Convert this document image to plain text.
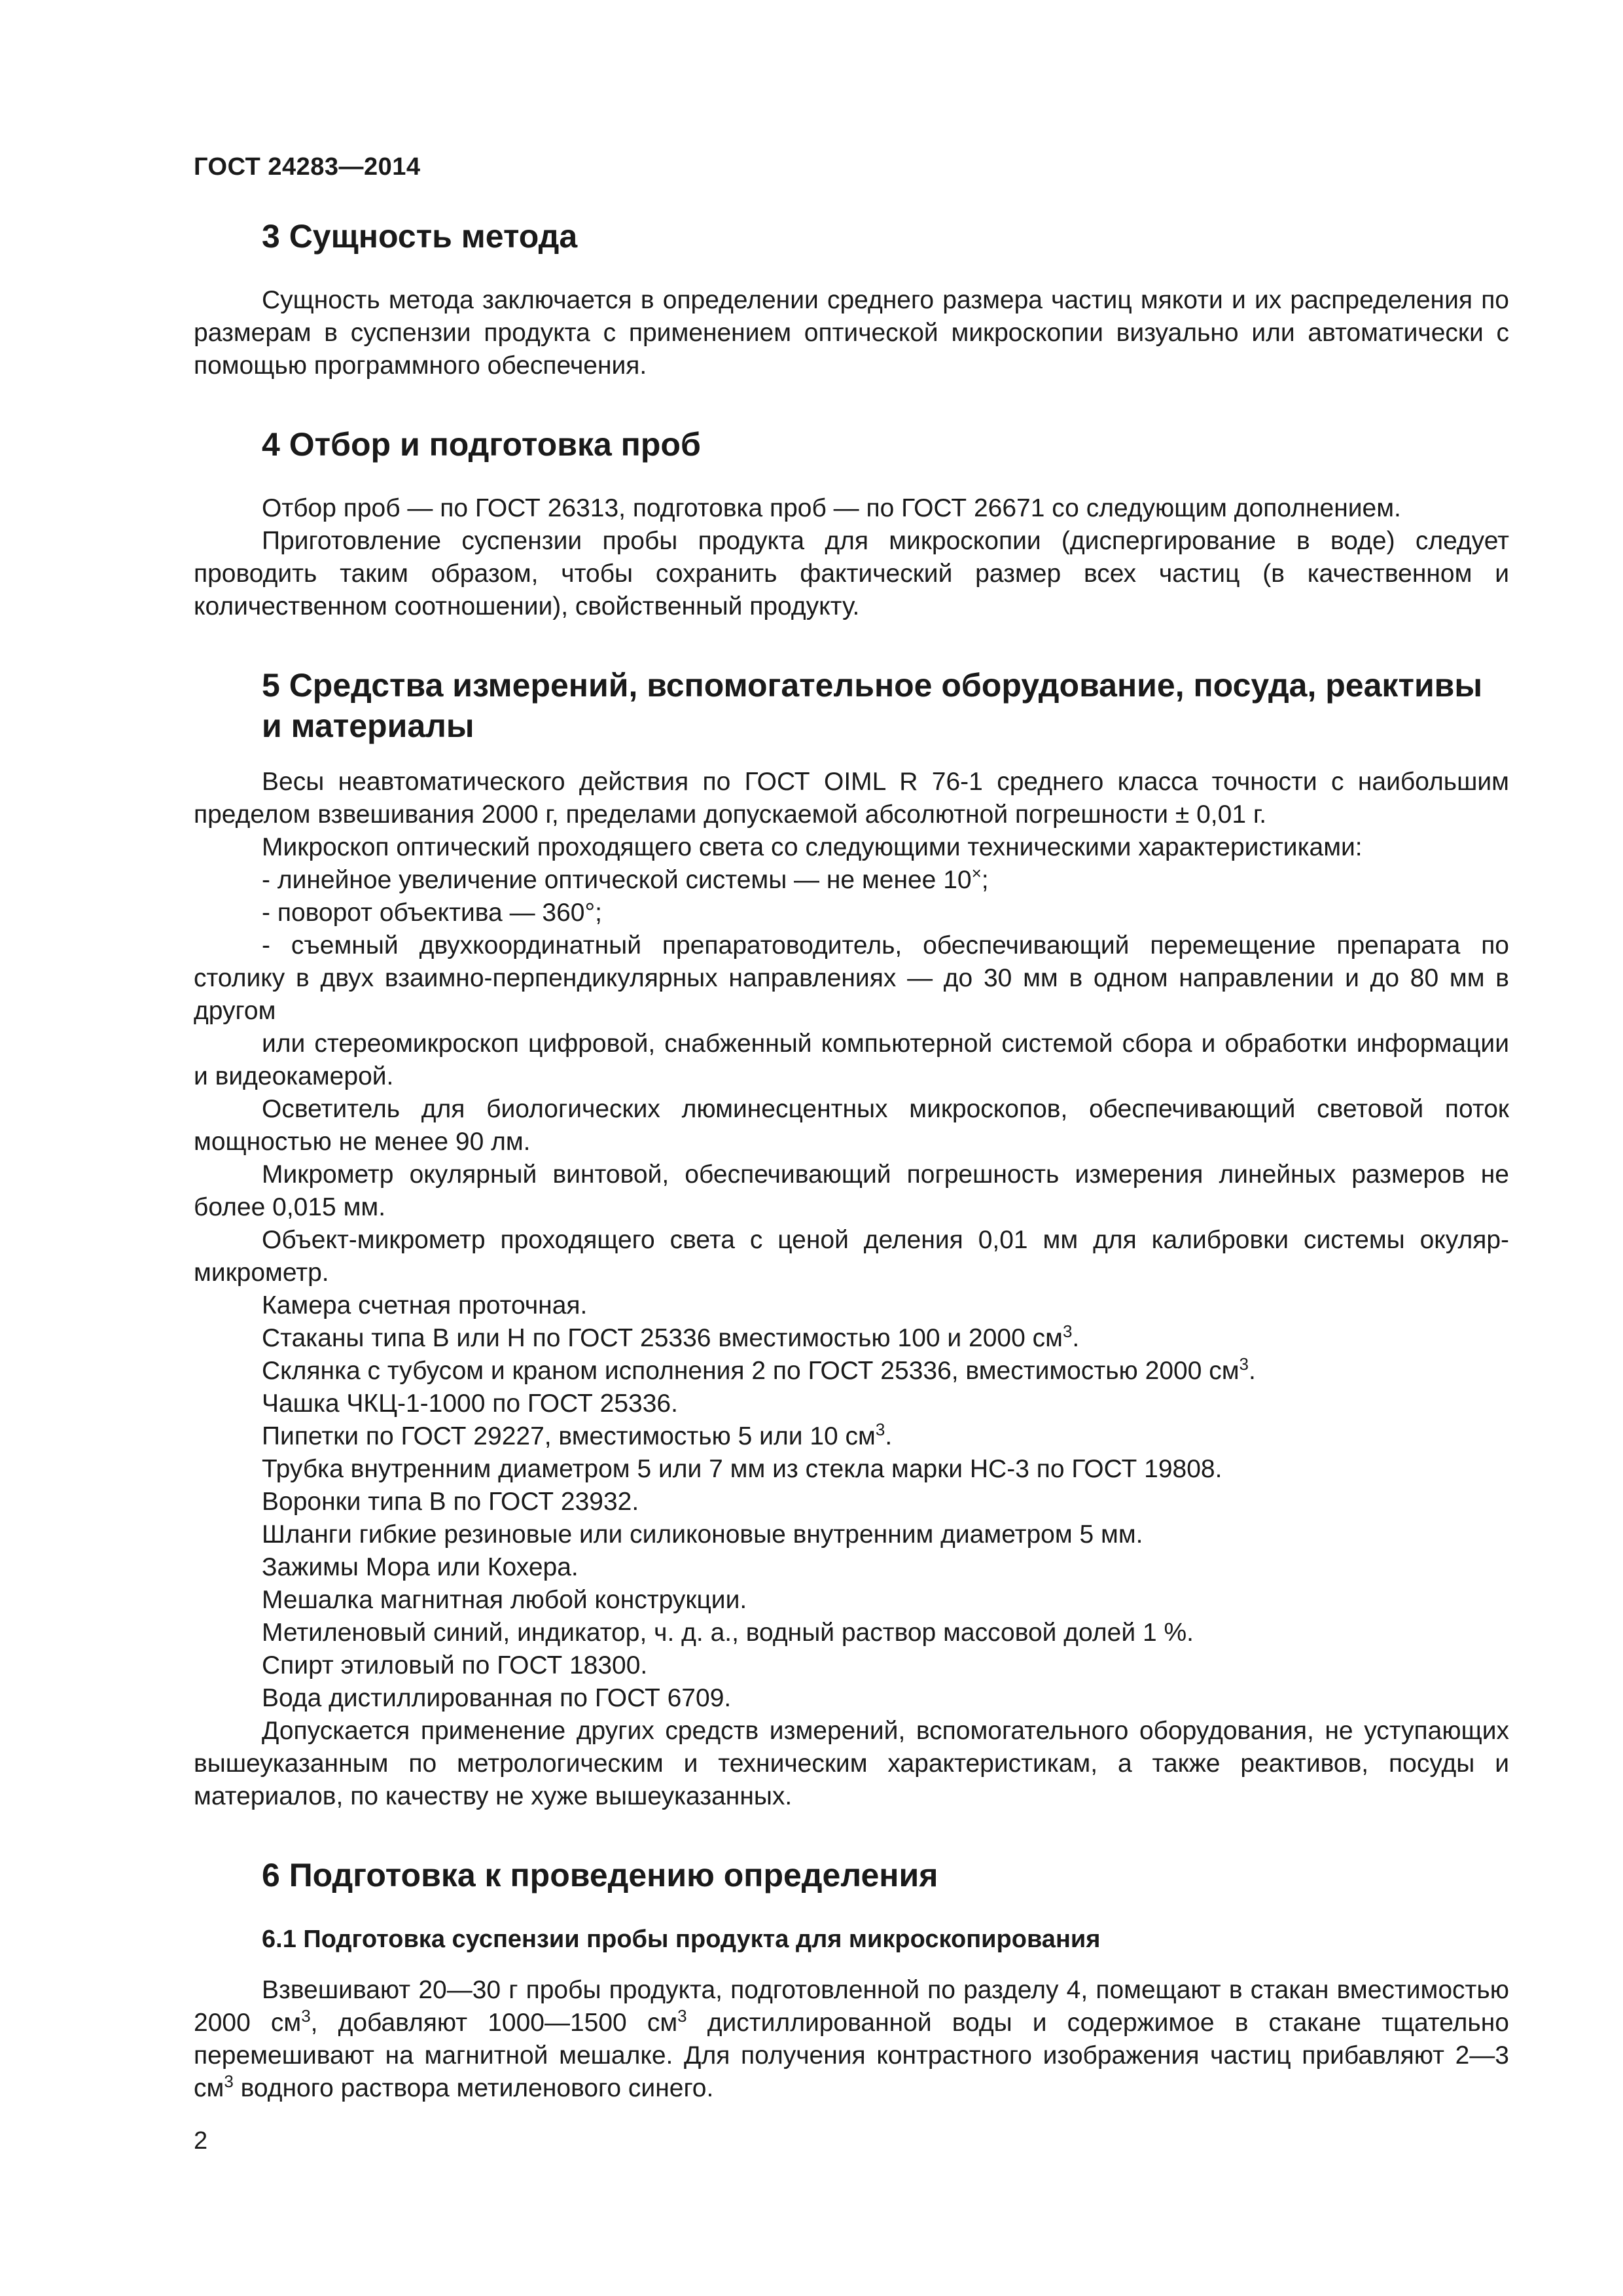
ГОСТ 24283—2014
3 Сущность метода

Сущность метода заключается в определении среднего размера частиц мякоти и их распределения по размерам в суспензии продукта с применением оптической микроскопии визуально или автоматически с помощью программного обеспечения.

4 Отбор и подготовка проб

Отбор проб — по ГОСТ 26313, подготовка проб — по ГОСТ 26671 со следующим дополнением.

Приготовление суспензии пробы продукта для микроскопии (диспергирование в воде) следует проводить таким образом, чтобы сохранить фактический размер всех частиц (в качественном и количественном соотношении), свойственный продукту.

5 Средства измерений, вспомогательное оборудование, посуда, реактивы
и материалы

Весы неавтоматического действия по ГОСТ OIML R 76-1 среднего класса точности с наибольшим пределом взвешивания 2000 г, пределами допускаемой абсолютной погрешности ± 0,01 г.

Микроскоп оптический проходящего света со следующими техническими характеристиками:

- линейное увеличение оптической системы — не менее 10×;

- поворот объектива — 360°;

- съемный двухкоординатный препаратоводитель, обеспечивающий перемещение препарата по столику в двух взаимно-перпендикулярных направлениях — до 30 мм в одном направлении и до 80 мм в другом

или стереомикроскоп цифровой, снабженный компьютерной системой сбора и обработки информации и видеокамерой.

Осветитель для биологических люминесцентных микроскопов, обеспечивающий световой поток мощностью не менее 90 лм.

Микрометр окулярный винтовой, обеспечивающий погрешность измерения линейных размеров не более 0,015 мм.

Объект-микрометр проходящего света с ценой деления 0,01 мм для калибровки системы окуляр-микрометр.

Камера счетная проточная.

Стаканы типа В или Н по ГОСТ 25336 вместимостью 100 и 2000 $см^3$.

Склянка с тубусом и краном исполнения 2 по ГОСТ 25336, вместимостью 2000 $см^3$.

Чашка ЧКЦ-1-1000 по ГОСТ 25336.

Пипетки по ГОСТ 29227, вместимостью 5 или 10 $см^3$.

Трубка внутренним диаметром 5 или 7 мм из стекла марки НС-3 по ГОСТ 19808.

Воронки типа В по ГОСТ 23932.

Шланги гибкие резиновые или силиконовые внутренним диаметром 5 мм.

Зажимы Мора или Кохера.

Мешалка магнитная любой конструкции.

Метиленовый синий, индикатор, ч. д. а., водный раствор массовой долей 1 %.

Спирт этиловый по ГОСТ 18300.

Вода дистиллированная по ГОСТ 6709.

Допускается применение других средств измерений, вспомогательного оборудования, не уступающих вышеуказанным по метрологическим и техническим характеристикам, а также реактивов, посуды и материалов, по качеству не хуже вышеуказанных.

6 Подготовка к проведению определения
6.1 Подготовка суспензии пробы продукта для микроскопирования

Взвешивают 20—30 г пробы продукта, подготовленной по разделу 4, помещают в стакан вместимостью 2000 $см^3$, добавляют 1000—1500 $см^3$ дистиллированной воды и содержимое в стакане тщательно перемешивают на магнитной мешалке. Для получения контрастного изображения частиц прибавляют 2—3 $см^3$ водного раствора метиленового синего.

2
